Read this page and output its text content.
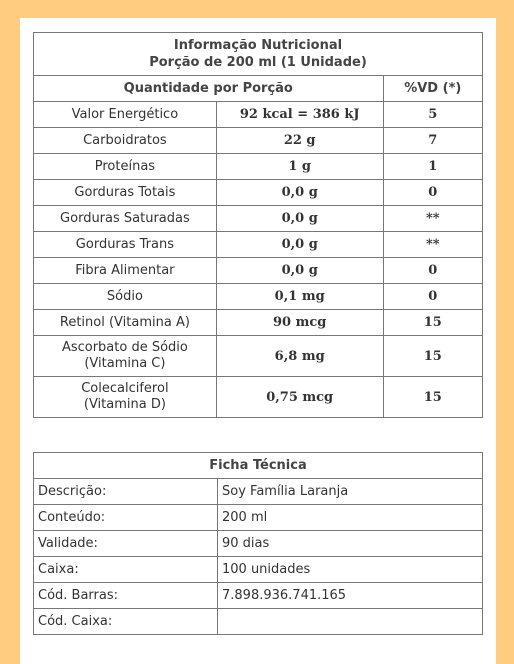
Informação Nutricional
Porção de 200 ml (1 Unidade)		

Quantidade por Porção		%VD (*)
Valor Energético	92 kcal = 386 kJ	5
Carboidratos	22 g	7
Proteínas	1 g	1
Gorduras Totais	0,0 g	0
Gorduras Saturadas	0,0 g	**
Gorduras Trans	0,0 g	**
Fibra Alimentar	0,0 g	0
Sódio	0,1 mg	0
Retinol (Vitamina A)	90 mcg	15

Ascorbato de Sódio
(Vitamina C)	6,8 mg	15

Colecalciferol
(Vitamina D)	0,75 mcg	15
Ficha Técnica	
Descrição:	Soy Família Laranja
Conteúdo:	200 ml
Validade:	90 dias
Caixa:	100 unidades
Cód. Barras:	7.898.936.741.165
Cód. Caixa:	
